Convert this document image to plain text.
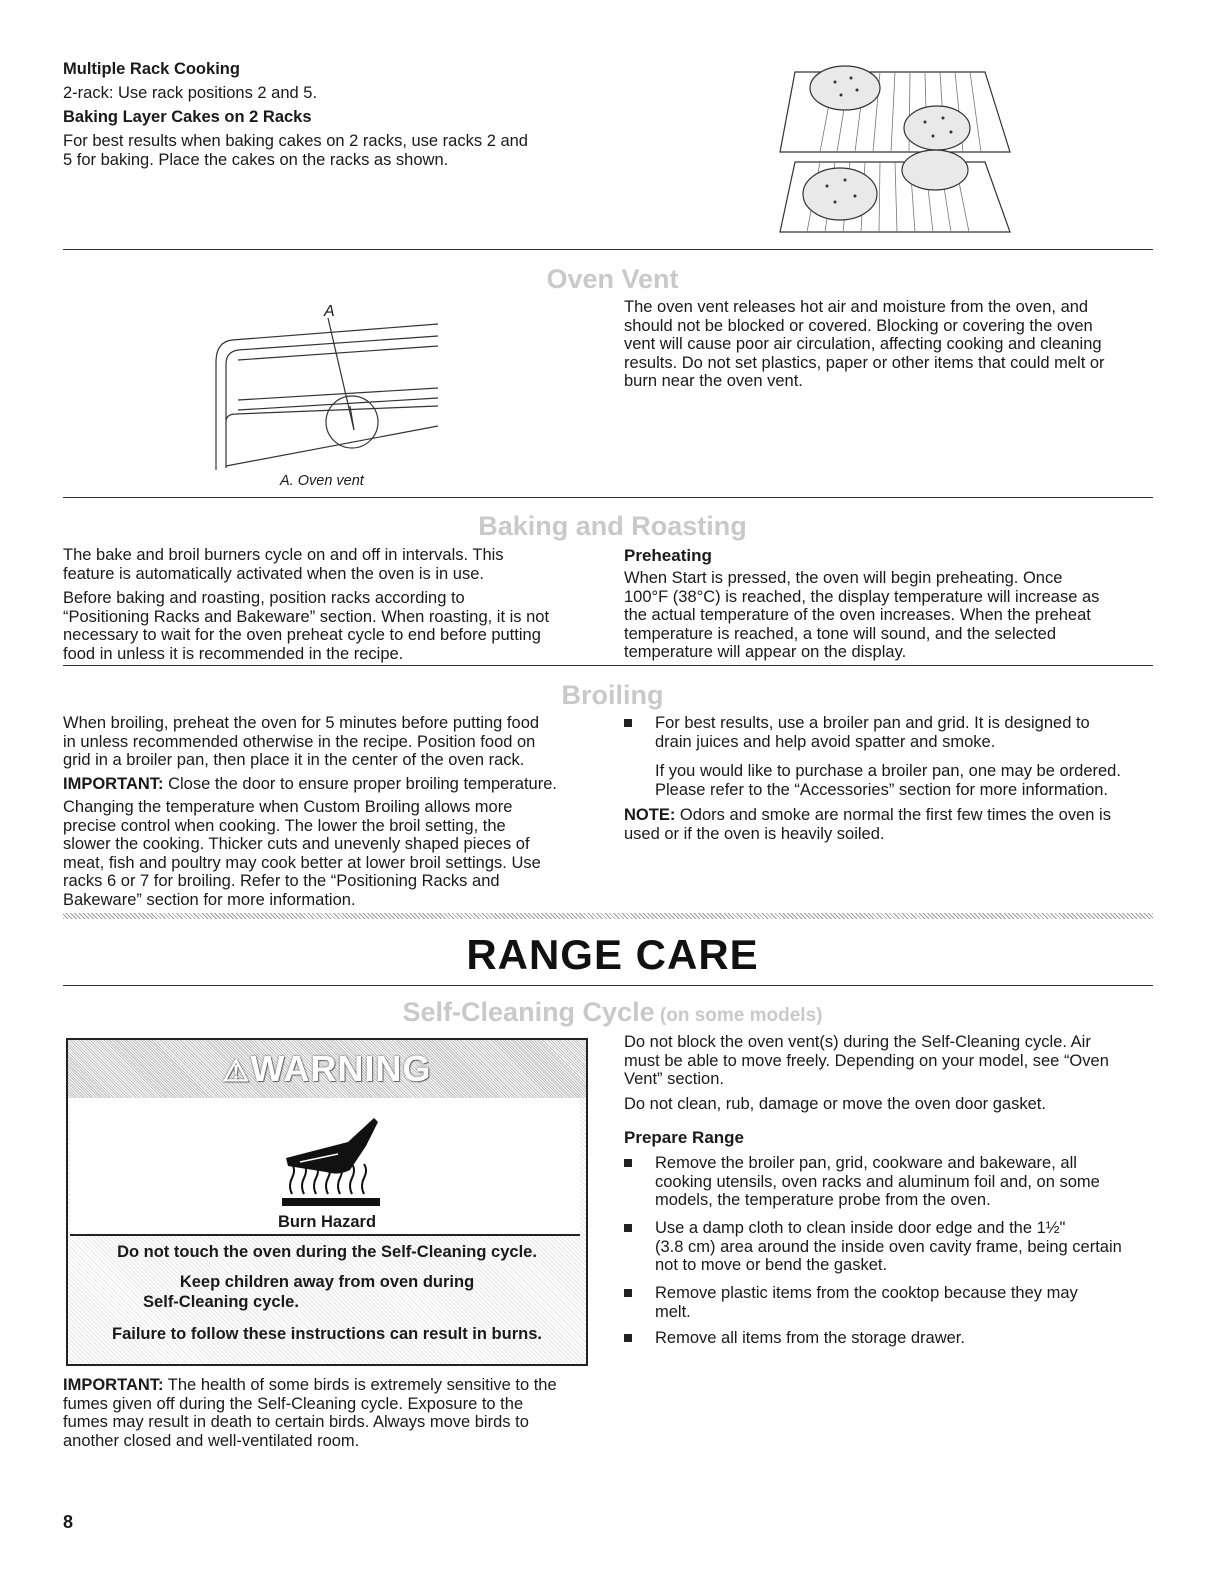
Multiple Rack Cooking
2-rack: Use rack positions 2 and 5.
Baking Layer Cakes on 2 Racks
For best results when baking cakes on 2 racks, use racks 2 and
5 for baking. Place the cakes on the racks as shown.
Oven Vent
A
A. Oven vent
The oven vent releases hot air and moisture from the oven, and
should not be blocked or covered. Blocking or covering the oven
vent will cause poor air circulation, affecting cooking and cleaning
results. Do not set plastics, paper or other items that could melt or
burn near the oven vent.
Baking and Roasting
The bake and broil burners cycle on and off in intervals. This
feature is automatically activated when the oven is in use.
Before baking and roasting, position racks according to
“Positioning Racks and Bakeware” section. When roasting, it is not
necessary to wait for the oven preheat cycle to end before putting
food in unless it is recommended in the recipe.
Preheating
When Start is pressed, the oven will begin preheating. Once
100°F (38°C) is reached, the display temperature will increase as
the actual temperature of the oven increases. When the preheat
temperature is reached, a tone will sound, and the selected
temperature will appear on the display.
Broiling
When broiling, preheat the oven for 5 minutes before putting food
in unless recommended otherwise in the recipe. Position food on
grid in a broiler pan, then place it in the center of the oven rack.
IMPORTANT: Close the door to ensure proper broiling temperature.
Changing the temperature when Custom Broiling allows more
precise control when cooking. The lower the broil setting, the
slower the cooking. Thicker cuts and unevenly shaped pieces of
meat, fish and poultry may cook better at lower broil settings. Use
racks 6 or 7 for broiling. Refer to the “Positioning Racks and
Bakeware” section for more information.
For best results, use a broiler pan and grid. It is designed to
drain juices and help avoid spatter and smoke.
If you would like to purchase a broiler pan, one may be ordered.
Please refer to the “Accessories” section for more information.
NOTE: Odors and smoke are normal the first few times the oven is
used or if the oven is heavily soiled.
RANGE CARE
Self-Cleaning Cycle (on some models)
⚠WARNING
Burn Hazard
Do not touch the oven during the Self-Cleaning cycle.
Keep children away from oven during
Self-Cleaning cycle.
Failure to follow these instructions can result in burns.
IMPORTANT: The health of some birds is extremely sensitive to the
fumes given off during the Self-Cleaning cycle. Exposure to the
fumes may result in death to certain birds. Always move birds to
another closed and well-ventilated room.
Do not block the oven vent(s) during the Self-Cleaning cycle. Air
must be able to move freely. Depending on your model, see “Oven
Vent” section.
Do not clean, rub, damage or move the oven door gasket.
Prepare Range
Remove the broiler pan, grid, cookware and bakeware, all
cooking utensils, oven racks and aluminum foil and, on some
models, the temperature probe from the oven.
Use a damp cloth to clean inside door edge and the 1½"
(3.8 cm) area around the inside oven cavity frame, being certain
not to move or bend the gasket.
Remove plastic items from the cooktop because they may
melt.
Remove all items from the storage drawer.
8
